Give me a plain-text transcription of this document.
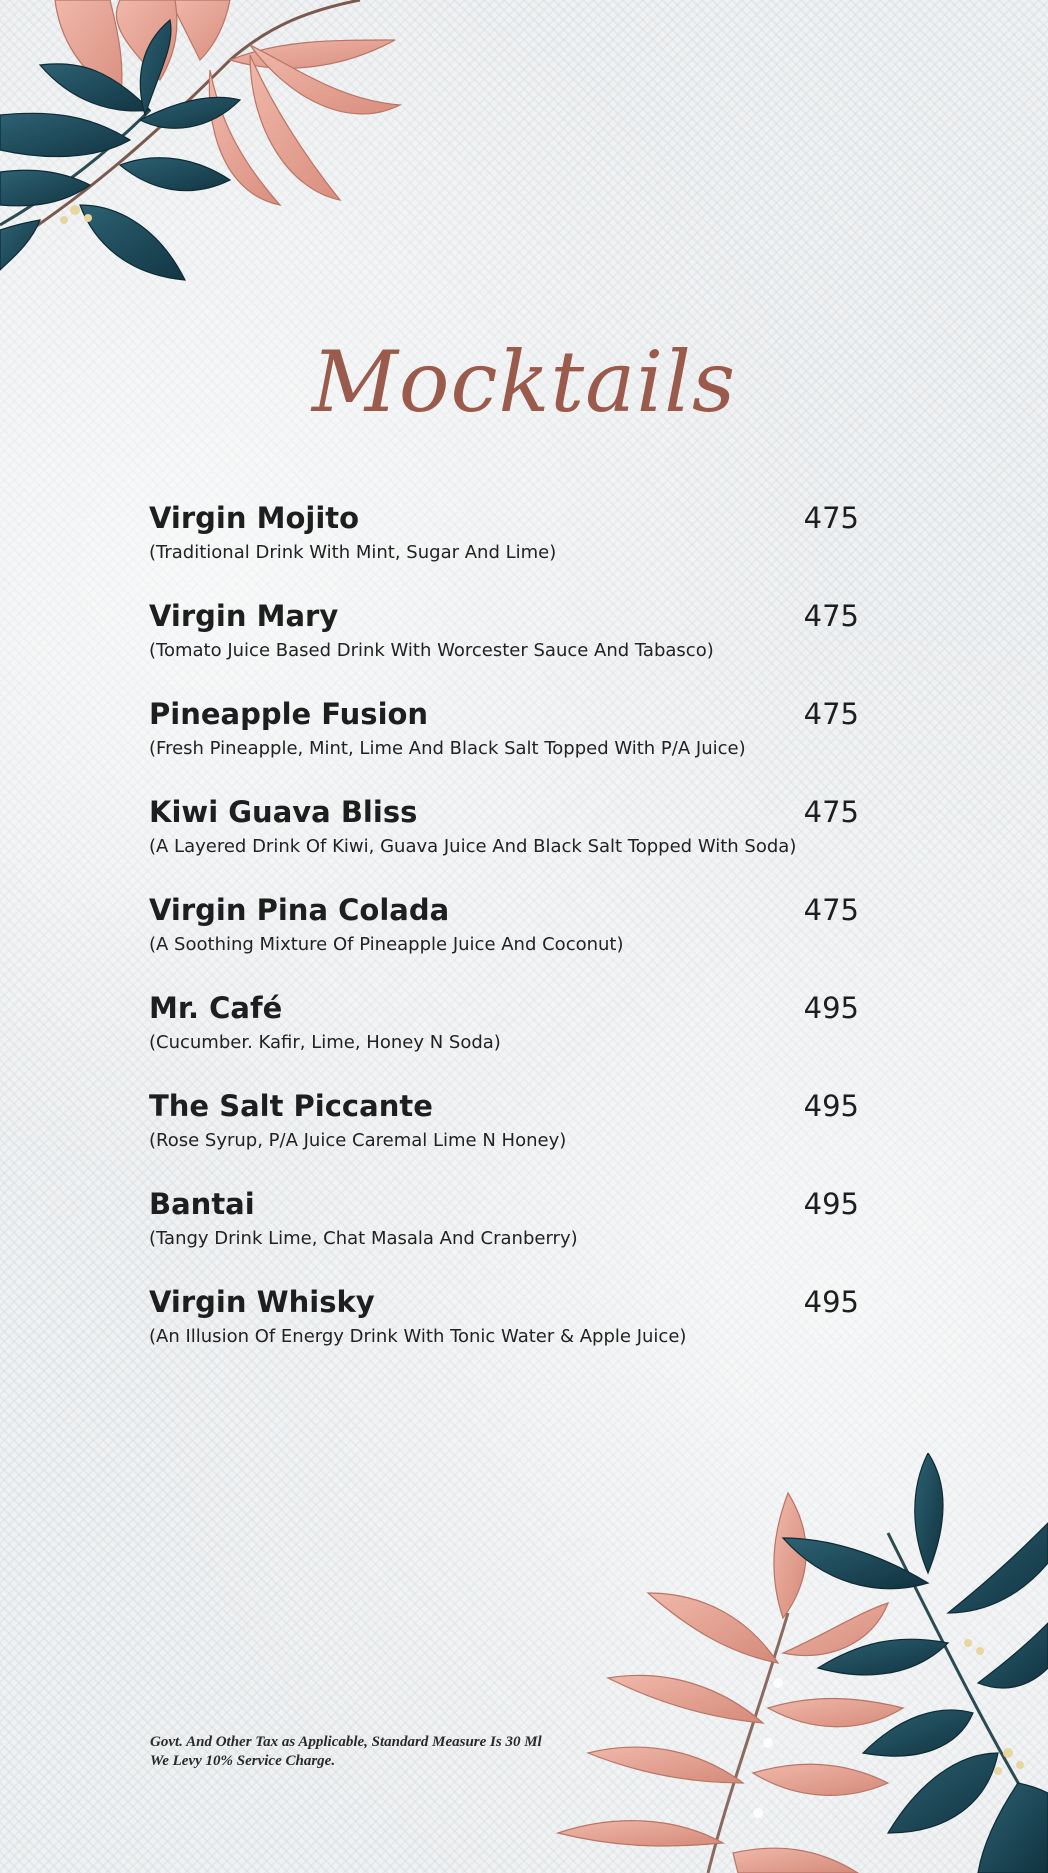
Mocktails
Virgin Mojito	475
(Traditional Drink With Mint, Sugar And Lime)
Virgin Mary	475
(Tomato Juice Based Drink With Worcester Sauce And Tabasco)
Pineapple Fusion	475
(Fresh Pineapple, Mint, Lime And Black Salt Topped With P/A Juice)
Kiwi Guava Bliss	475
(A Layered Drink Of Kiwi, Guava Juice And Black Salt Topped With Soda)
Virgin Pina Colada	475
(A Soothing Mixture Of Pineapple Juice And Coconut)
Mr. Café	495
(Cucumber. Kafir, Lime, Honey N Soda)
The Salt Piccante	495
(Rose Syrup, P/A Juice Caremal Lime N Honey)
Bantai	495
(Tangy Drink Lime, Chat Masala And Cranberry)
Virgin Whisky	495
(An Illusion Of Energy Drink With Tonic Water & Apple Juice)
Govt. And Other Tax as Applicable, Standard Measure Is 30 Ml
We Levy 10% Service Charge.
